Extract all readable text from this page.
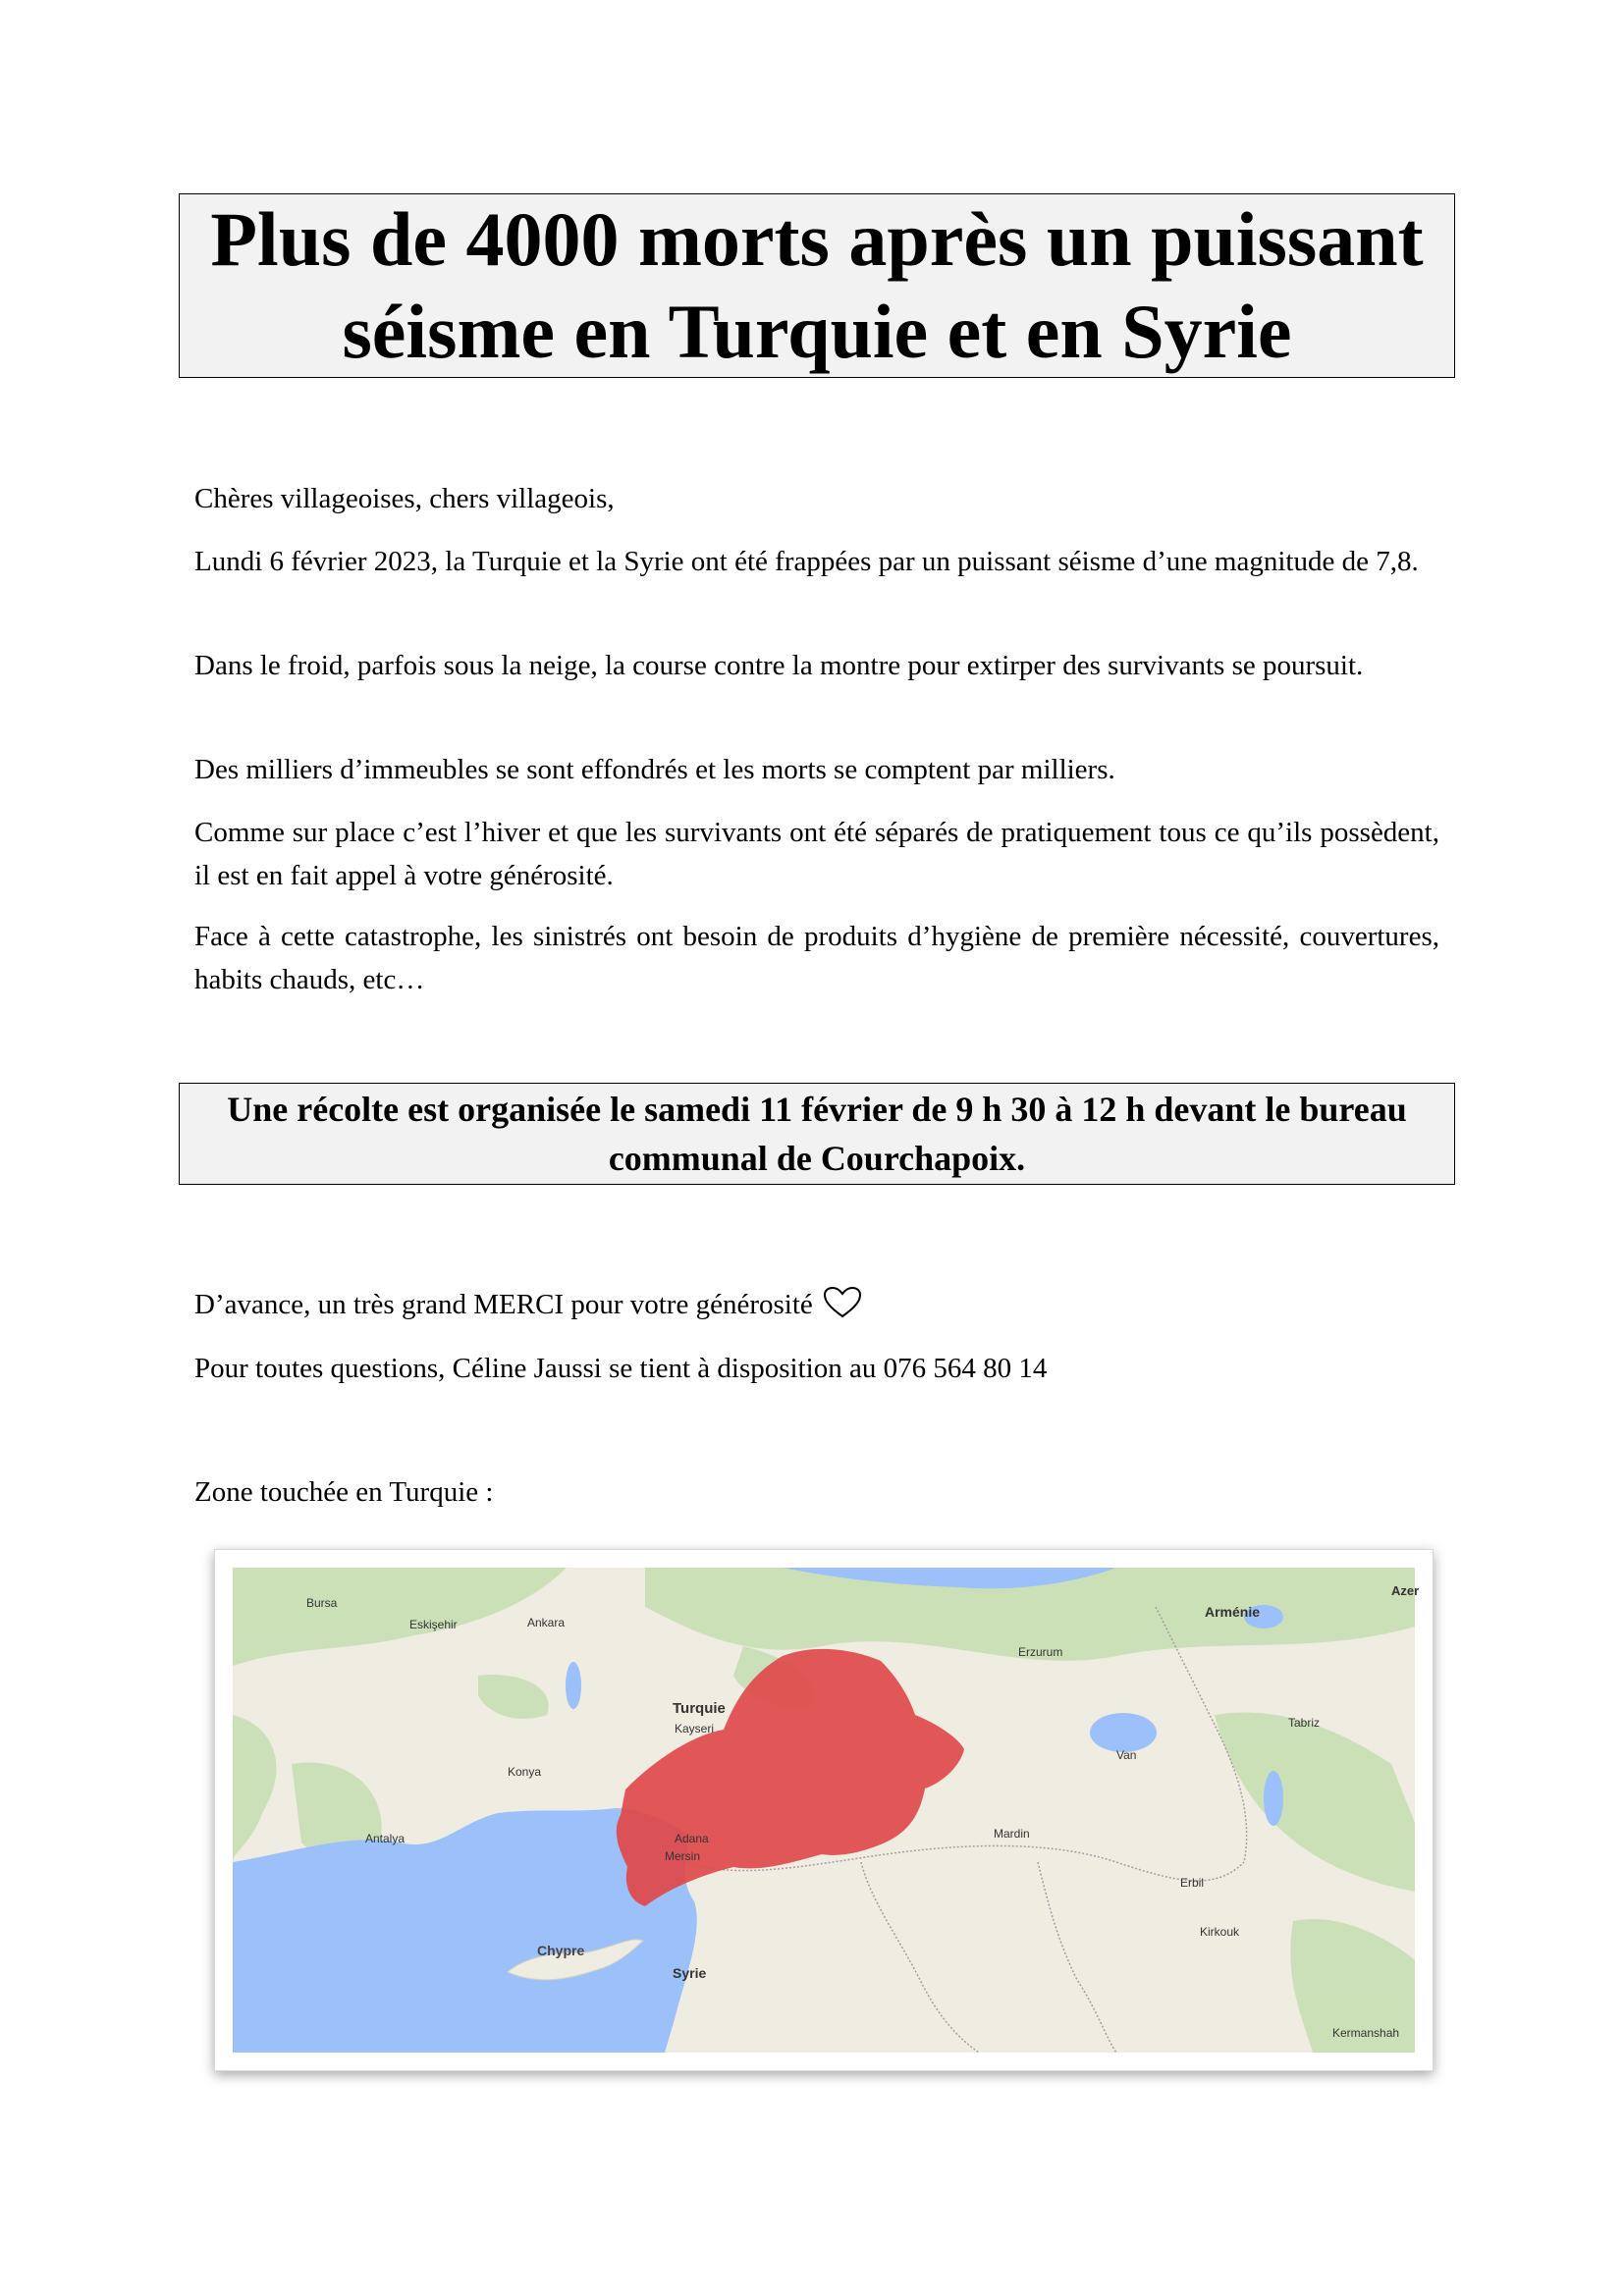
Plus de 4000 morts après un puissant séisme en Turquie et en Syrie

Chères villageoises, chers villageois,

Lundi 6 février 2023, la Turquie et la Syrie ont été frappées par un puissant séisme d’une magnitude de 7,8.

Dans le froid, parfois sous la neige, la course contre la montre pour extirper des survivants se poursuit.

Des milliers d’immeubles se sont effondrés et les morts se comptent par milliers.

Comme sur place c’est l’hiver et que les survivants ont été séparés de pratiquement tous ce qu’ils possèdent, il est en fait appel à votre générosité.

Face à cette catastrophe, les sinistrés ont besoin de produits d’hygiène de première nécessité, couvertures, habits chauds, etc…

Une récolte est organisée le samedi 11 février de 9 h 30 à 12 h devant le bureau communal de Courchapoix.

D’avance, un très grand MERCI pour votre générosité

Pour toutes questions, Céline Jaussi se tient à disposition au 076 564 80 14

Zone touchée en Turquie :

Chypre
Syrie
Turquie
Arménie
Azer
Ankara
Kayseri
Konya
Antalya	Adana
Mersin
Bursa
Eskişehir
Tabriz
Mardin
Erbil
Kirkouk
Van
Erzurum
Kermanshah
